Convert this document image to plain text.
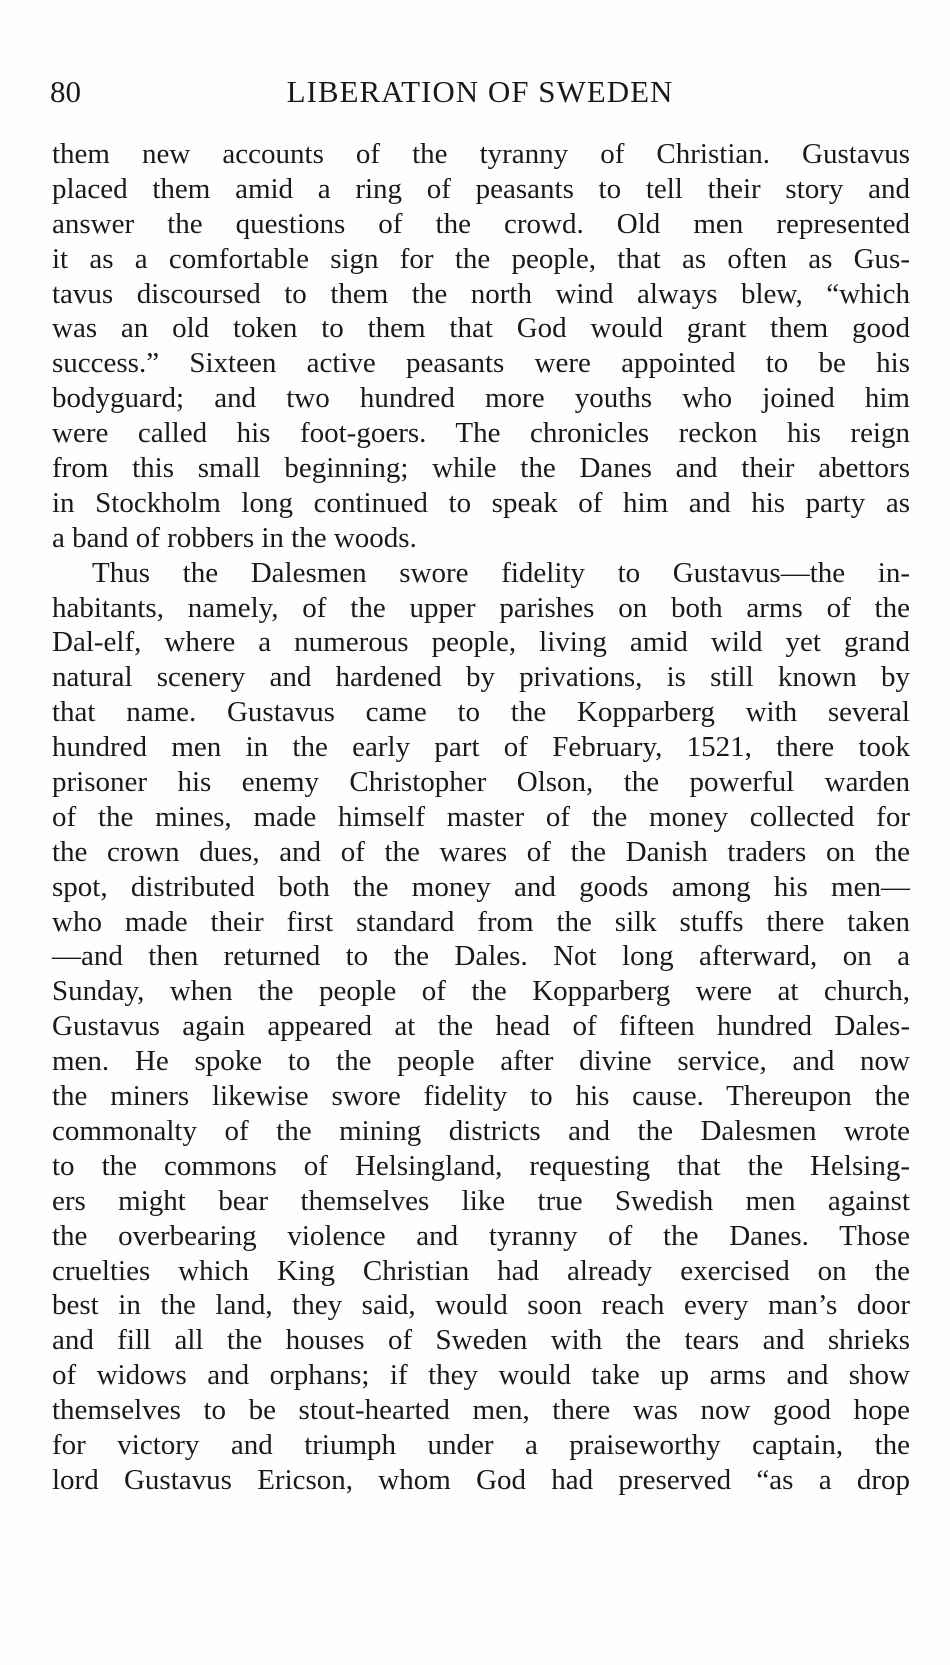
80	LIBERATION OF SWEDEN
them new accounts of the tyranny of Christian. Gustavus
placed them amid a ring of peasants to tell their story and
answer the questions of the crowd. Old men represented
it as a comfortable sign for the people, that as often as Gus-
tavus discoursed to them the north wind always blew, “which
was an old token to them that God would grant them good
success.” Sixteen active peasants were appointed to be his
bodyguard; and two hundred more youths who joined him
were called his foot-goers. The chronicles reckon his reign
from this small beginning; while the Danes and their abettors
in Stockholm long continued to speak of him and his party as
a band of robbers in the woods.
Thus the Dalesmen swore fidelity to Gustavus—the in-
habitants, namely, of the upper parishes on both arms of the
Dal-elf, where a numerous people, living amid wild yet grand
natural scenery and hardened by privations, is still known by
that name. Gustavus came to the Kopparberg with several
hundred men in the early part of February, 1521, there took
prisoner his enemy Christopher Olson, the powerful warden
of the mines, made himself master of the money collected for
the crown dues, and of the wares of the Danish traders on the
spot, distributed both the money and goods among his men—
who made their first standard from the silk stuffs there taken
—and then returned to the Dales. Not long afterward, on a
Sunday, when the people of the Kopparberg were at church,
Gustavus again appeared at the head of fifteen hundred Dales-
men. He spoke to the people after divine service, and now
the miners likewise swore fidelity to his cause. Thereupon the
commonalty of the mining districts and the Dalesmen wrote
to the commons of Helsingland, requesting that the Helsing-
ers might bear themselves like true Swedish men against
the overbearing violence and tyranny of the Danes. Those
cruelties which King Christian had already exercised on the
best in the land, they said, would soon reach every man’s door
and fill all the houses of Sweden with the tears and shrieks
of widows and orphans; if they would take up arms and show
themselves to be stout-hearted men, there was now good hope
for victory and triumph under a praiseworthy captain, the
lord Gustavus Ericson, whom God had preserved “as a drop
